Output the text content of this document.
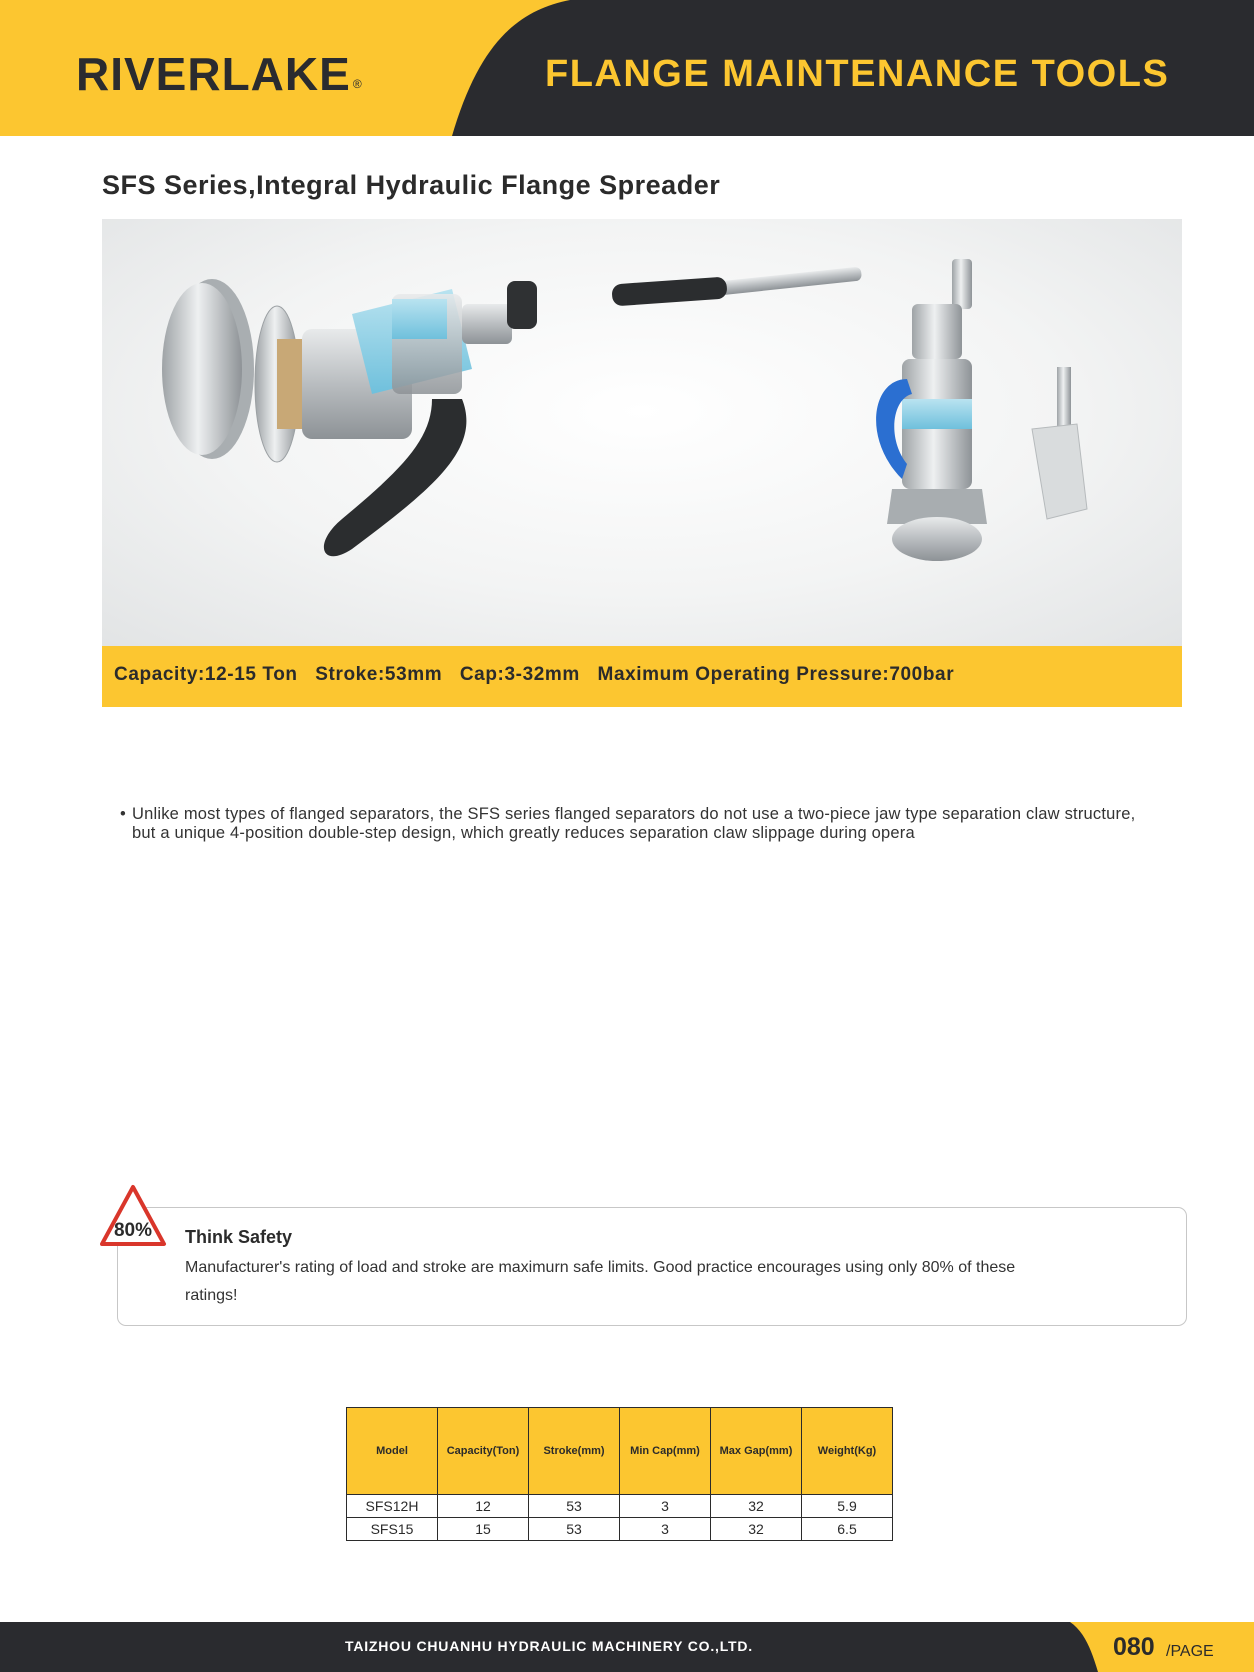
RIVERLAKE ®	FLANGE MAINTENANCE TOOLS
SFS Series,Integral Hydraulic Flange Spreader
Capacity:12-15 Ton   Stroke:53mm   Cap:3-32mm   Maximum Operating Pressure:700bar
• Unlike most types of flanged separators, the SFS series flanged separators do not use a two-piece jaw type separation claw structure, but a unique 4-position double-step design, which greatly reduces separation claw slippage during opera
80% Think Safety
Manufacturer's rating of load and stroke are maximurn safe limits. Good practice encourages using only 80% of these ratings!
Model	Capacity(Ton)	Stroke(mm)	Min Cap(mm)	Max Gap(mm)	Weight(Kg)
SFS12H	12	53	3	32	5.9
SFS15	15	53	3	32	6.5
TAIZHOU CHUANHU HYDRAULIC MACHINERY CO.,LTD.	080 /PAGE
